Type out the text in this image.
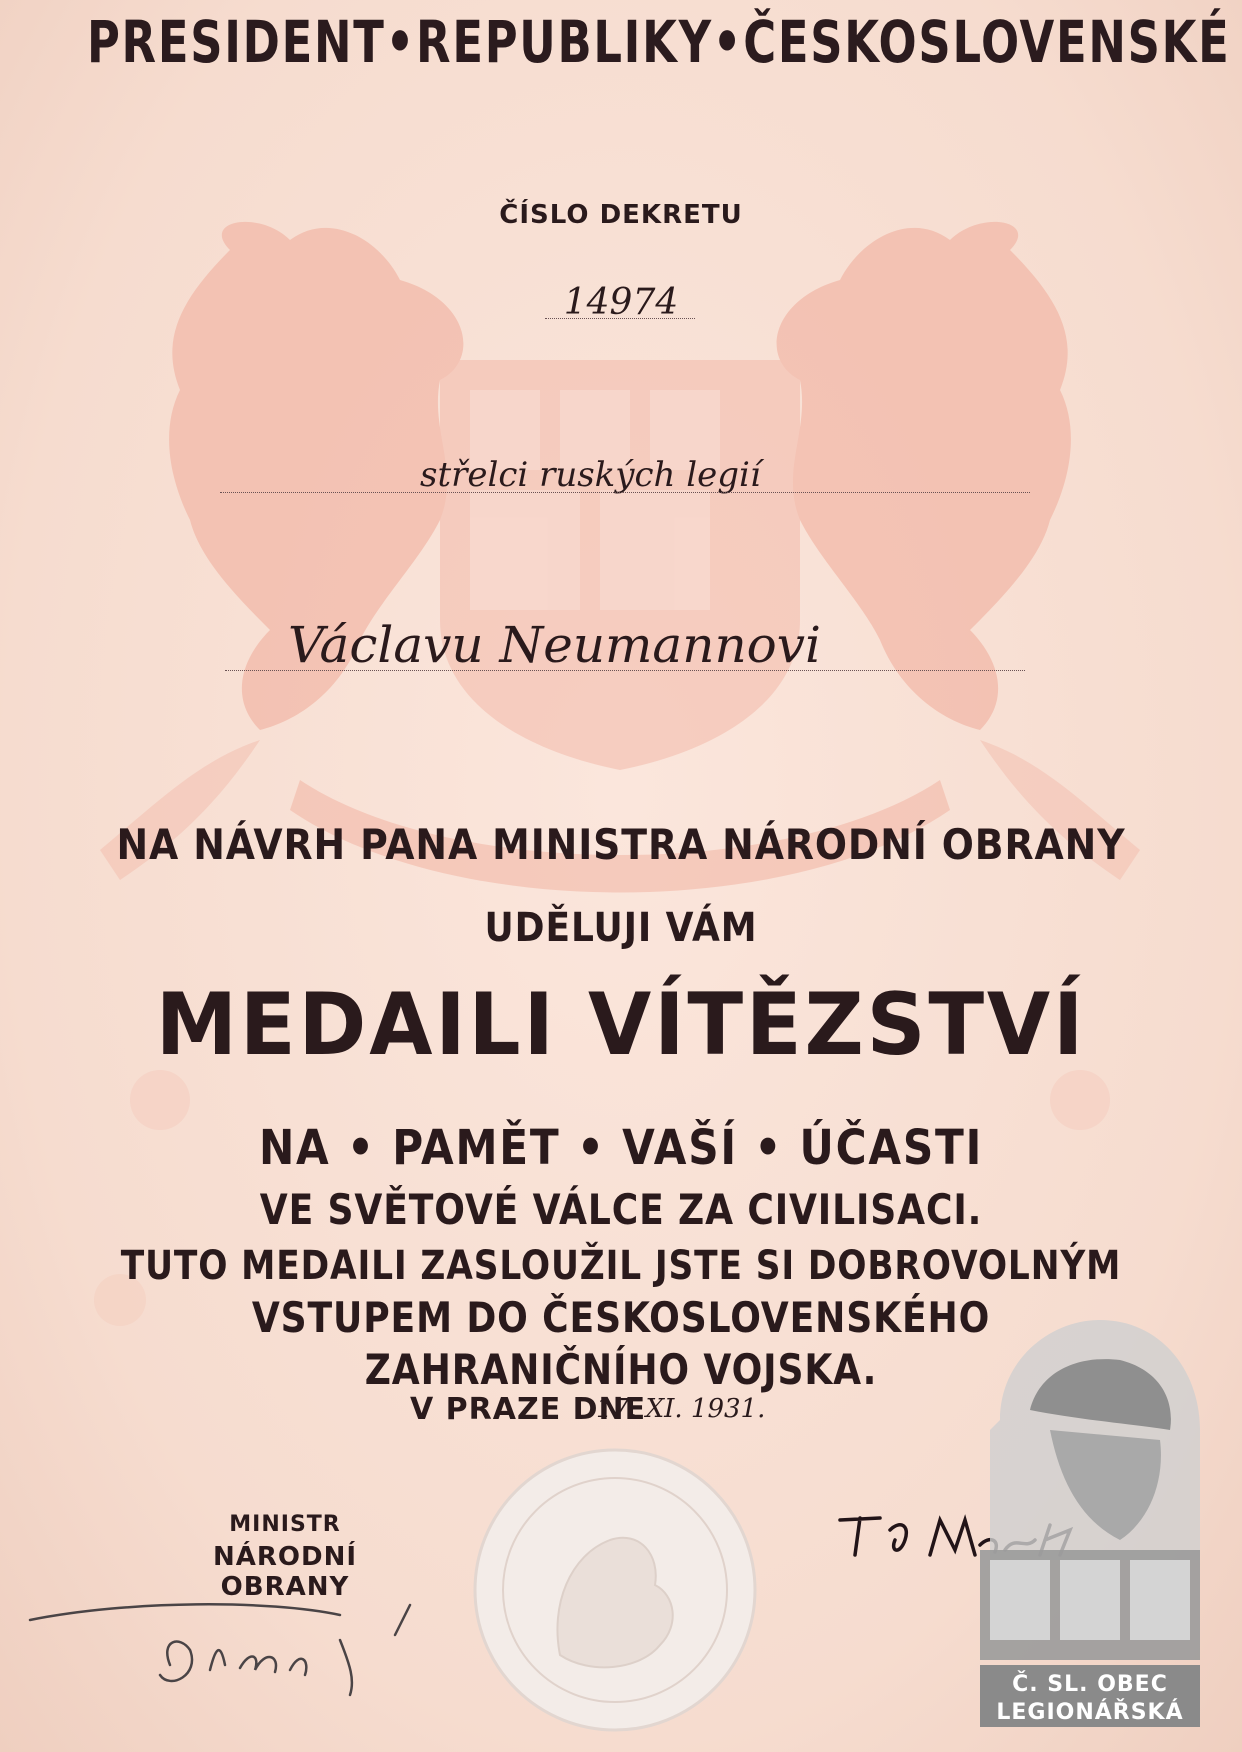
PRESIDENT•REPUBLIKY•ČESKOSLOVENSKÉ
ČÍSLO DEKRETU
14974
střelci ruských legií
Václavu Neumannovi
NA NÁVRH PANA MINISTRA NÁRODNÍ OBRANY
UDĚLUJI VÁM
MEDAILI VÍTĚZSTVÍ
NA • PAMĚT • VAŠÍ • ÚČASTI
VE SVĚTOVÉ VÁLCE ZA CIVILISACI.
TUTO MEDAILI ZASLOUŽIL JSTE SI DOBROVOLNÝM
VSTUPEM DO ČESKOSLOVENSKÉHO
ZAHRANIČNÍHO VOJSKA.
V PRAZE DNE
17. XI. 1931.
MINISTR
NÁRODNÍ OBRANY
Č. SL. OBEC
LEGIONÁŘSKÁ
